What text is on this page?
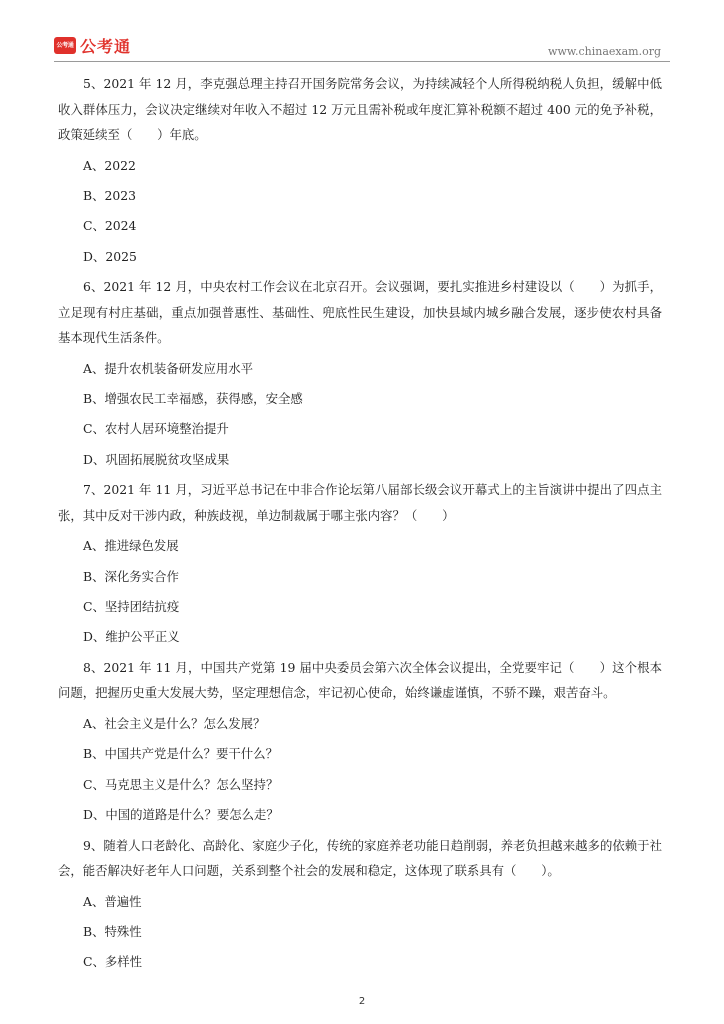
公考通 公考通	www.chinaexam.org

5、2021 年 12 月，李克强总理主持召开国务院常务会议，为持续减轻个人所得税纳税人负担，缓解中低收入群体压力，会议决定继续对年收入不超过 12 万元且需补税或年度汇算补税额不超过 400 元的免予补税，政策延续至（　　）年底。

A、2022

B、2023

C、2024

D、2025

6、2021 年 12 月，中央农村工作会议在北京召开。会议强调，要扎实推进乡村建设以（　　）为抓手，立足现有村庄基础，重点加强普惠性、基础性、兜底性民生建设，加快县域内城乡融合发展，逐步使农村具备基本现代生活条件。

A、提升农机装备研发应用水平

B、增强农民工幸福感，获得感，安全感

C、农村人居环境整治提升

D、巩固拓展脱贫攻坚成果

7、2021 年 11 月，习近平总书记在中非合作论坛第八届部长级会议开幕式上的主旨演讲中提出了四点主张，其中反对干涉内政，种族歧视，单边制裁属于哪主张内容？（　　）

A、推进绿色发展

B、深化务实合作

C、坚持团结抗疫

D、维护公平正义

8、2021 年 11 月，中国共产党第 19 届中央委员会第六次全体会议提出，全党要牢记（　　）这个根本问题，把握历史重大发展大势，坚定理想信念，牢记初心使命，始终谦虚谨慎，不骄不躁，艰苦奋斗。

A、社会主义是什么？怎么发展？

B、中国共产党是什么？要干什么？

C、马克思主义是什么？怎么坚持？

D、中国的道路是什么？要怎么走？

9、随着人口老龄化、高龄化、家庭少子化，传统的家庭养老功能日趋削弱，养老负担越来越多的依赖于社会，能否解决好老年人口问题，关系到整个社会的发展和稳定，这体现了联系具有（　　）。

A、普遍性

B、特殊性

C、多样性

2
